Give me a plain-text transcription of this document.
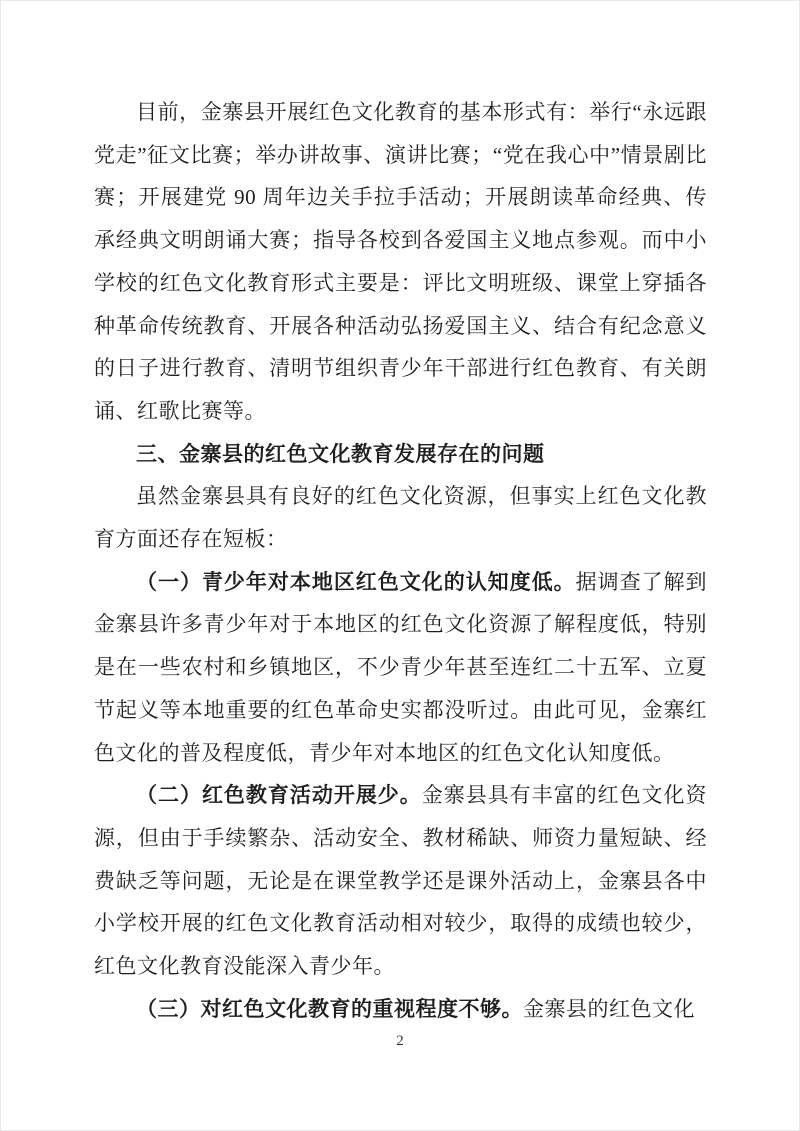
目前，金寨县开展红色文化教育的基本形式有：举行“永远跟党走”征文比赛；举办讲故事、演讲比赛；“党在我心中”情景剧比赛；开展建党 90 周年边关手拉手活动；开展朗读革命经典、传承经典文明朗诵大赛；指导各校到各爱国主义地点参观。而中小学校的红色文化教育形式主要是：评比文明班级、课堂上穿插各种革命传统教育、开展各种活动弘扬爱国主义、结合有纪念意义的日子进行教育、清明节组织青少年干部进行红色教育、有关朗诵、红歌比赛等。

三、金寨县的红色文化教育发展存在的问题

虽然金寨县具有良好的红色文化资源，但事实上红色文化教育方面还存在短板：

（一）青少年对本地区红色文化的认知度低。据调查了解到金寨县许多青少年对于本地区的红色文化资源了解程度低，特别是在一些农村和乡镇地区，不少青少年甚至连红二十五军、立夏节起义等本地重要的红色革命史实都没听过。由此可见，金寨红色文化的普及程度低，青少年对本地区的红色文化认知度低。

（二）红色教育活动开展少。金寨县具有丰富的红色文化资源，但由于手续繁杂、活动安全、教材稀缺、师资力量短缺、经费缺乏等问题，无论是在课堂教学还是课外活动上，金寨县各中小学校开展的红色文化教育活动相对较少，取得的成绩也较少，红色文化教育没能深入青少年。

（三）对红色文化教育的重视程度不够。金寨县的红色文化

2
